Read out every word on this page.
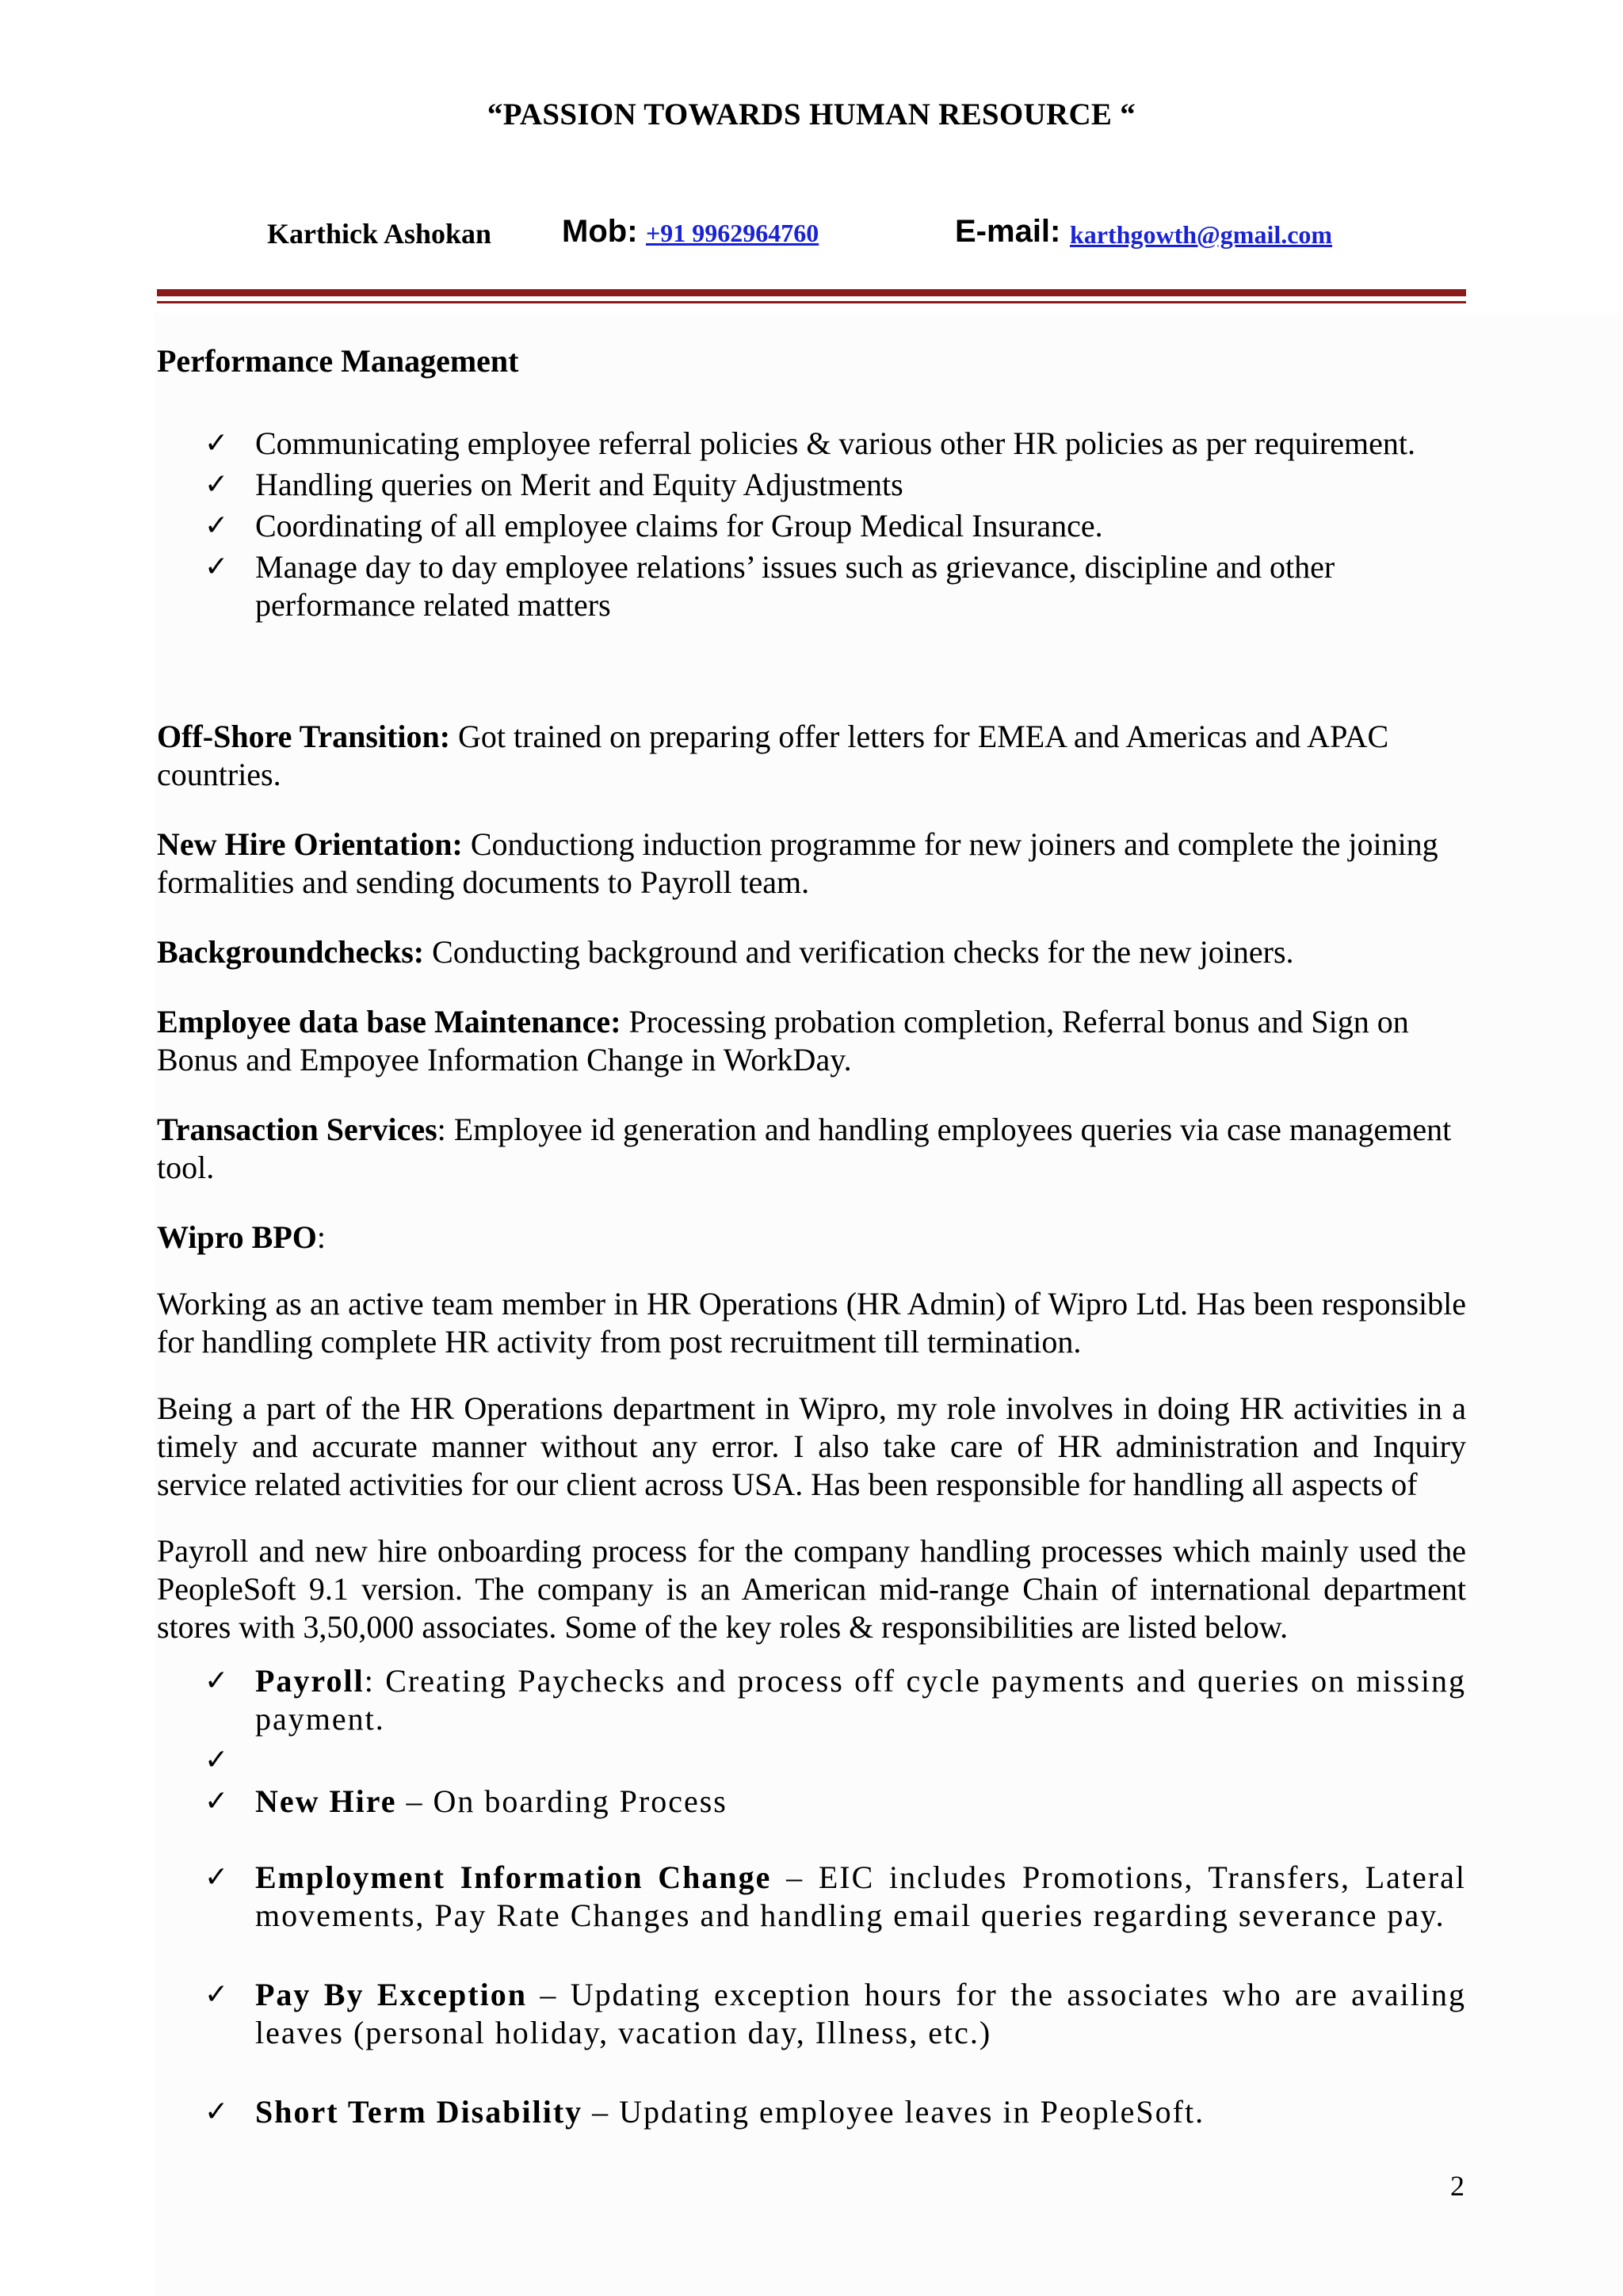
“PASSION TOWARDS HUMAN RESOURCE “
Karthick Ashokan Mob: +91 9962964760	E-mail: karthgowth@gmail.com

Performance Management

✓ Communicating employee referral policies & various other HR policies as per requirement.
✓ Handling queries on Merit and Equity Adjustments
✓ Coordinating of all employee claims for Group Medical Insurance.
✓ Manage day to day employee relations’ issues such as grievance, discipline and other performance related matters

Off-Shore Transition: Got trained on preparing offer letters for EMEA and Americas and APAC countries.

New Hire Orientation: Conductiong induction programme for new joiners and complete the joining formalities and sending documents to Payroll team.

Backgroundchecks: Conducting background and verification checks for the new joiners.

Employee data base Maintenance: Processing probation completion, Referral bonus and Sign on Bonus and Empoyee Information Change in WorkDay.

Transaction Services: Employee id generation and handling employees queries via case management tool.

Wipro BPO:

Working as an active team member in HR Operations (HR Admin) of Wipro Ltd. Has been responsible for handling complete HR activity from post recruitment till termination.

Being a part of the HR Operations department in Wipro, my role involves in doing HR activities in a timely and accurate manner without any error. I also take care of HR administration and Inquiry service related activities for our client across USA. Has been responsible for handling all aspects of

Payroll and new hire onboarding process for the company handling processes which mainly used the PeopleSoft 9.1 version. The company is an American mid-range Chain of international department stores with 3,50,000 associates. Some of the key roles & responsibilities are listed below.

✓ Payroll: Creating Paychecks and process off cycle payments and queries on missing payment.
✓
✓ New Hire – On boarding Process
✓ Employment Information Change – EIC includes Promotions, Transfers, Lateral movements, Pay Rate Changes and handling email queries regarding severance pay.
✓ Pay By Exception – Updating exception hours for the associates who are availing leaves (personal holiday, vacation day, Illness, etc.)
✓ Short Term Disability – Updating employee leaves in PeopleSoft.
2
